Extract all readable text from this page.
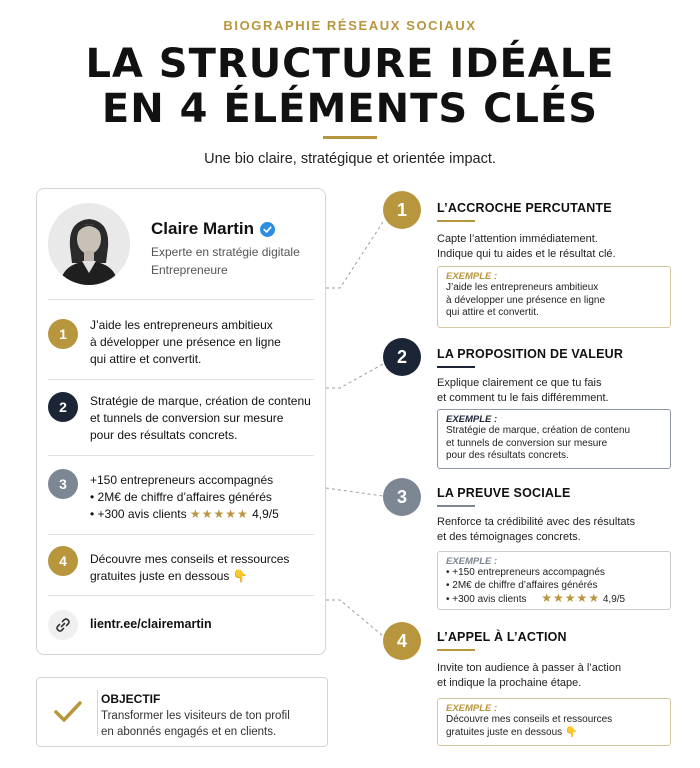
BIOGRAPHIE RÉSEAUX SOCIAUX
LA STRUCTURE IDÉALE
EN 4 ÉLÉMENTS CLÉS
Une bio claire, stratégique et orientée impact.
Claire Martin
Experte en stratégie digitale
Entrepreneure
1
J’aide les entrepreneurs ambitieux
à développer une présence en ligne
qui attire et convertit.
2	Stratégie de marque, création de contenu
et tunnels de conversion sur mesure
pour des résultats concrets.
3	+150 entrepreneurs accompagnés
• 2M€ de chiffre d’affaires générés
• +300 avis clients ★★★★★ 4,9/5
4	Découvre mes conseils et ressources
gratuites juste en dessous 👇
lientr.ee/clairemartin
OBJECTIF
Transformer les visiteurs de ton profil
en abonnés engagés et en clients.
1	L’ACCROCHE PERCUTANTE
Capte l’attention immédiatement.
Indique qui tu aides et le résultat clé.
EXEMPLE :
J’aide les entrepreneurs ambitieux
à développer une présence en ligne
qui attire et convertit.
2	LA PROPOSITION DE VALEUR
Explique clairement ce que tu fais
et comment tu le fais différemment.
EXEMPLE :
Stratégie de marque, création de contenu
et tunnels de conversion sur mesure
pour des résultats concrets.
3	LA PREUVE SOCIALE
Renforce ta crédibilité avec des résultats
et des témoignages concrets.
EXEMPLE :
• +150 entrepreneurs accompagnés
• 2M€ de chiffre d’affaires générés
• +300 avis clients ★★★★★ 4,9/5
4	L’APPEL À L’ACTION
Invite ton audience à passer à l’action
et indique la prochaine étape.
EXEMPLE :
Découvre mes conseils et ressources
gratuites juste en dessous 👇
